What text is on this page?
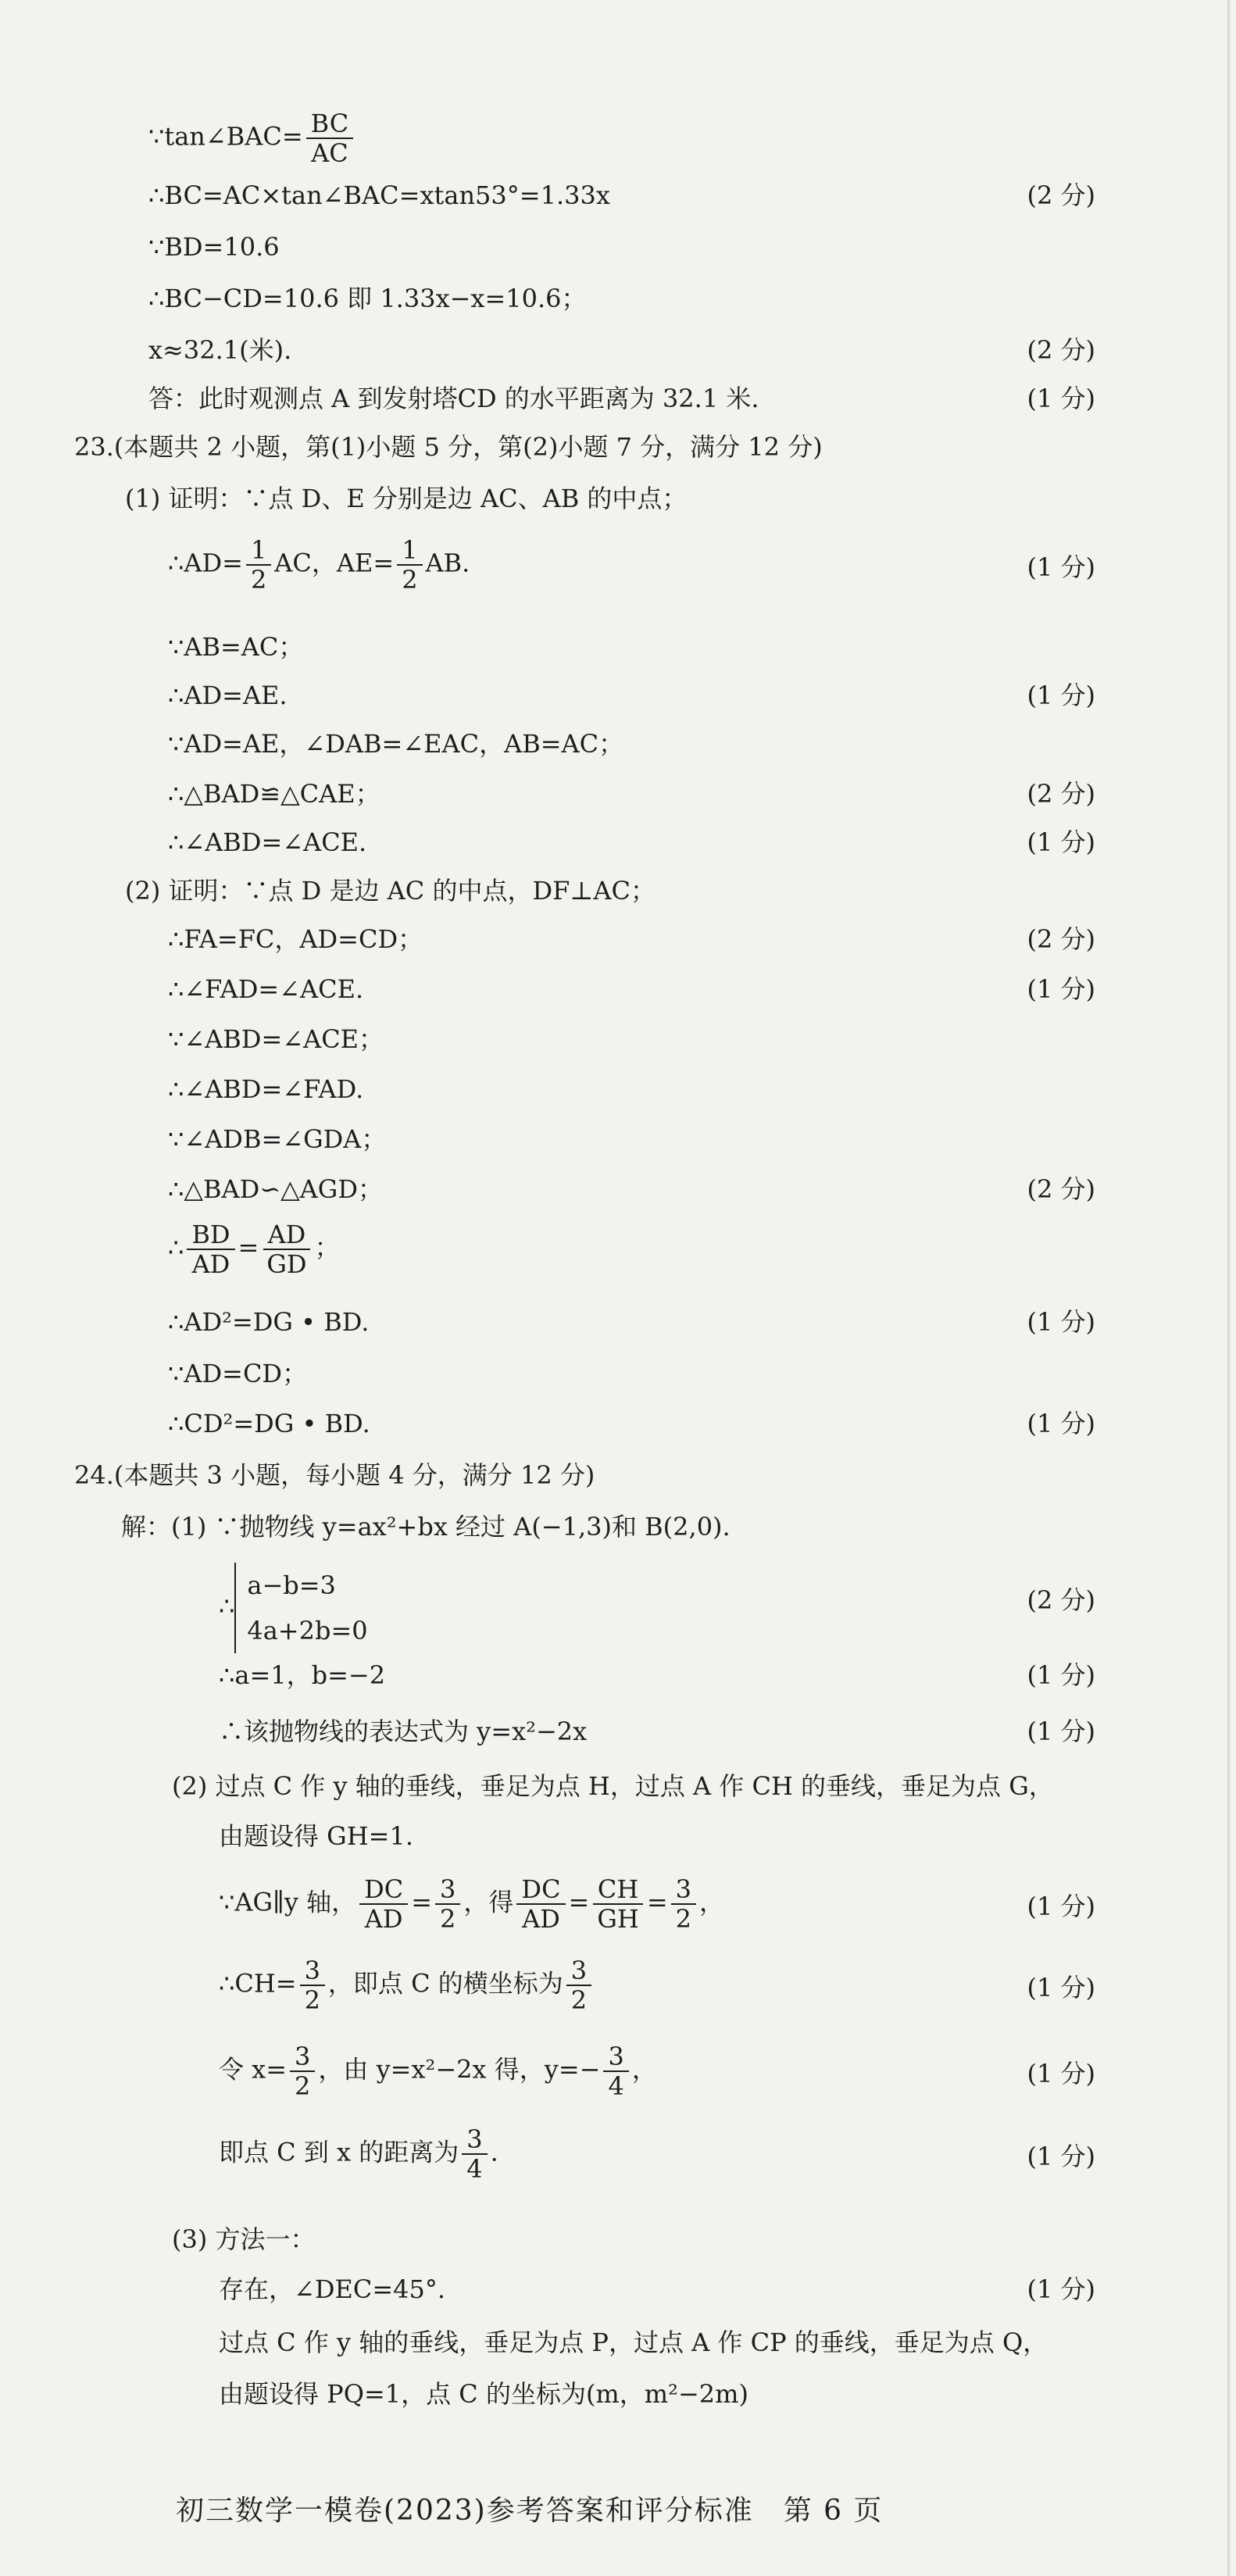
∵tan∠BAC= $\frac{BC}{AC}$
∴BC=AC×tan∠BAC=xtan53°=1.33x	(2 分)
∵BD=10.6
∴BC−CD=10.6 即 1.33x−x=10.6；
x≈32.1(米).	(2 分)
答：此时观测点 A 到发射塔CD 的水平距离为 32.1 米.	(1 分)
23.(本题共 2 小题，第(1)小题 5 分，第(2)小题 7 分，满分 12 分)
(1) 证明：∵点 D、E 分别是边 AC、AB 的中点；
∴AD= $\frac{1}{2}$ AC，$AE= \frac{1}{2}$ AB.	(1 分)
∵AB=AC；
∴AD=AE.	(1 分)
∵AD=AE，∠DAB=∠EAC，AB=AC；
∴△BAD≌△CAE；	(2 分)
∴∠ABD=∠ACE.	(1 分)
(2) 证明：∵点 D 是边 AC 的中点，DF⊥AC；
∴FA=FC，AD=CD；	(2 分)
∴∠FAD=∠ACE.	(1 分)
∵∠ABD=∠ACE；
∴∠ABD=∠FAD.
∵∠ADB=∠GDA；
∴△BAD∽△AGD；	(2 分)
∴ $\frac{BD}{AD} = \frac{AD}{GD}$ ；
∴AD²=DG • BD.	(1 分)
∵AD=CD；
∴CD²=DG • BD.	(1 分)
24.(本题共 3 小题，每小题 4 分，满分 12 分)
解：(1) ∵抛物线 y=ax²+bx 经过 A(−1,3)和 B(2,0).
∴
a−b=3
4a+2b=0
(2 分)
∴a=1，b=−2	(1 分)
∴该抛物线的表达式为 y=x²−2x	(1 分)
(2) 过点 C 作 y 轴的垂线，垂足为点 H，过点 A 作 CH 的垂线，垂足为点 G，
由题设得 GH=1.
∵AG∥y 轴， $\frac{DC}{AD} = \frac{3}{2}$ ，得 $\frac{DC}{AD} = \frac{CH}{GH} = \frac{3}{2}$ ，	(1 分)
∴CH= $\frac{3}{2}$ ，即点 C 的横坐标为 $\frac{3}{2}$	(1 分)
令 $x= \frac{3}{2}$ ，由 y=x²−2x 得，$y=- \frac{3}{4}$ ，	(1 分)
即点 C 到 x 的距离为 $\frac{3}{4}$ .	(1 分)
(3) 方法一：
存在，∠DEC=45°.	(1 分)
过点 C 作 y 轴的垂线，垂足为点 P，过点 A 作 CP 的垂线，垂足为点 Q，
由题设得 PQ=1，点 C 的坐标为(m，m²−2m)
初三数学一模卷(2023)参考答案和评分标准　第 6 页
